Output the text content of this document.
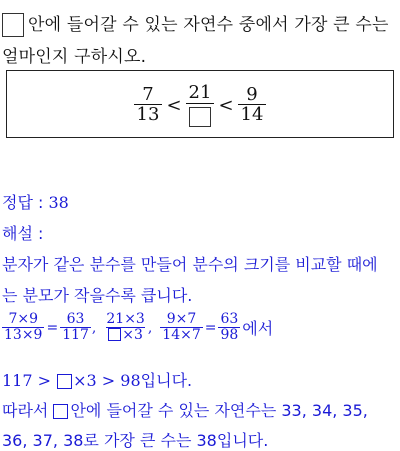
안에 들어갈 수 있는 자연수 중에서 가장 큰 수는
얼마인지 구하시오.
$\frac{7}{13}$ <
21
< $\frac{9}{14}$
정답 : 38
해설 :
분자가 같은 분수를 만들어 분수의 크기를 비교할 때에
는 분모가 작을수록 큽니다.
$\frac{7\times 9}{13\times 9} = \frac{63}{117}$ , $\frac{21\times 3}{\times 3}$ , $\frac{9\times 7}{14\times 7} = \frac{63}{98}$ 에서
117 > ×3 > 98입니다.
따라서 안에 들어갈 수 있는 자연수는 33, 34, 35,
36, 37, 38로 가장 큰 수는 38입니다.
